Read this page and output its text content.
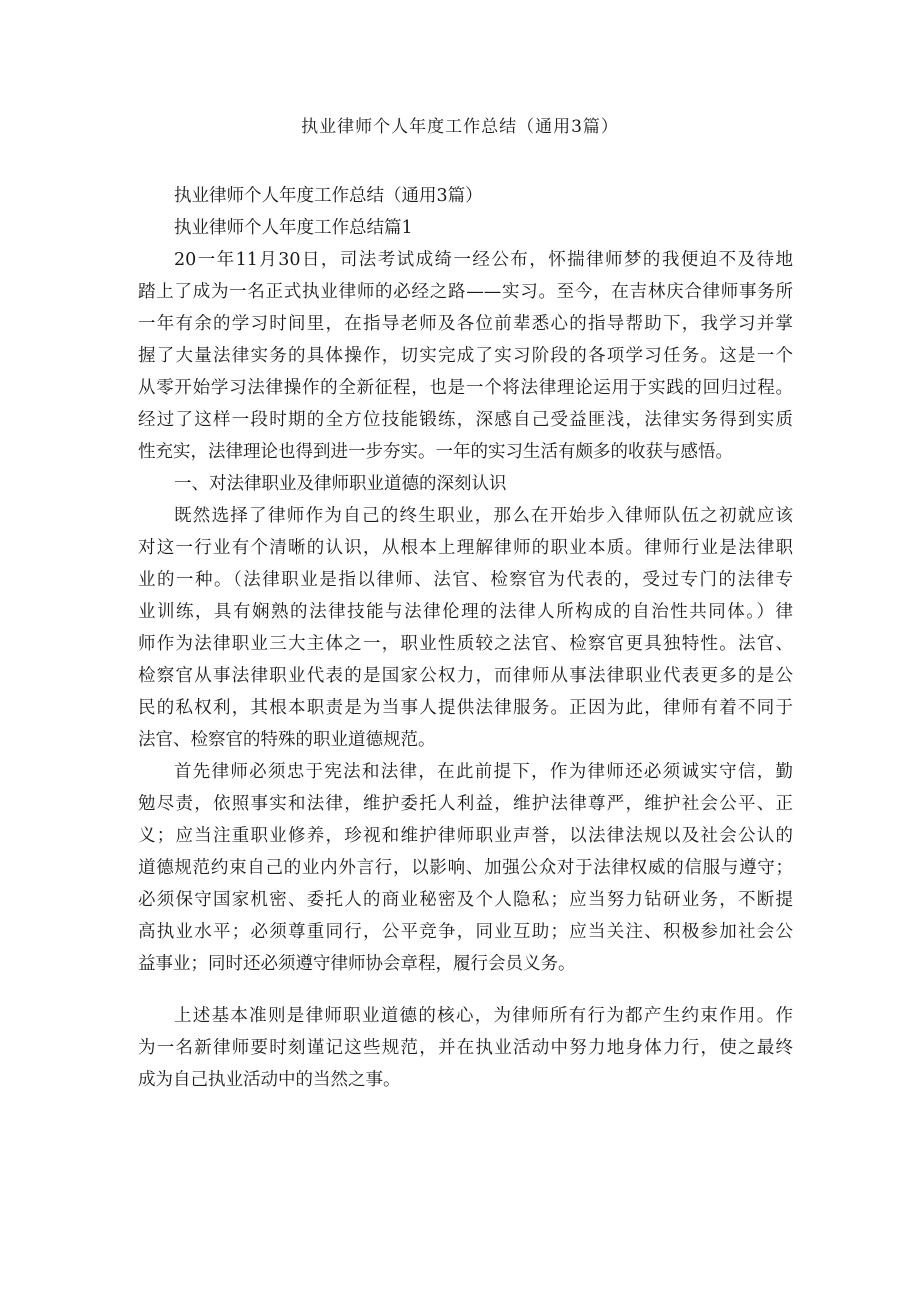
执业律师个人年度工作总结（通用3篇）
执业律师个人年度工作总结（通用3篇）
执业律师个人年度工作总结篇1
20一年11月30日，司法考试成绮一经公布，怀揣律师梦的我便迫不及待地
踏上了成为一名正式执业律师的必经之路——实习。至今，在吉林庆合律师事务所
一年有余的学习时间里，在指导老师及各位前辈悉心的指导帮助下，我学习并掌
握了大量法律实务的具体操作，切实完成了实习阶段的各项学习任务。这是一个
从零开始学习法律操作的全新征程，也是一个将法律理论运用于实践的回归过程。
经过了这样一段时期的全方位技能锻练，深感自己受益匪浅，法律实务得到实质
性充实，法律理论也得到进一步夯实。一年的实习生活有颇多的收获与感悟。
一、对法律职业及律师职业道德的深刻认识
既然选择了律师作为自己的终生职业，那么在开始步入律师队伍之初就应该
对这一行业有个清晰的认识，从根本上理解律师的职业本质。律师行业是法律职
业的一种。（法律职业是指以律师、法官、检察官为代表的，受过专门的法律专
业训练，具有娴熟的法律技能与法律伦理的法律人所构成的自治性共同体。）律
师作为法律职业三大主体之一，职业性质较之法官、检察官更具独特性。法官、
检察官从事法律职业代表的是国家公权力，而律师从事法律职业代表更多的是公
民的私权利，其根本职责是为当事人提供法律服务。正因为此，律师有着不同于
法官、检察官的特殊的职业道德规范。
首先律师必须忠于宪法和法律，在此前提下，作为律师还必须诚实守信，勤
勉尽责，依照事实和法律，维护委托人利益，维护法律尊严，维护社会公平、正
义；应当注重职业修养，珍视和维护律师职业声誉，以法律法规以及社会公认的
道德规范约束自己的业内外言行，以影响、加强公众对于法律权威的信服与遵守；
必须保守国家机密、委托人的商业秘密及个人隐私；应当努力钻研业务，不断提
高执业水平；必须尊重同行，公平竞争，同业互助；应当关注、积极参加社会公
益事业；同时还必须遵守律师协会章程，履行会员义务。
上述基本准则是律师职业道德的核心，为律师所有行为都产生约束作用。作
为一名新律师要时刻谨记这些规范，并在执业活动中努力地身体力行，使之最终
成为自己执业活动中的当然之事。
